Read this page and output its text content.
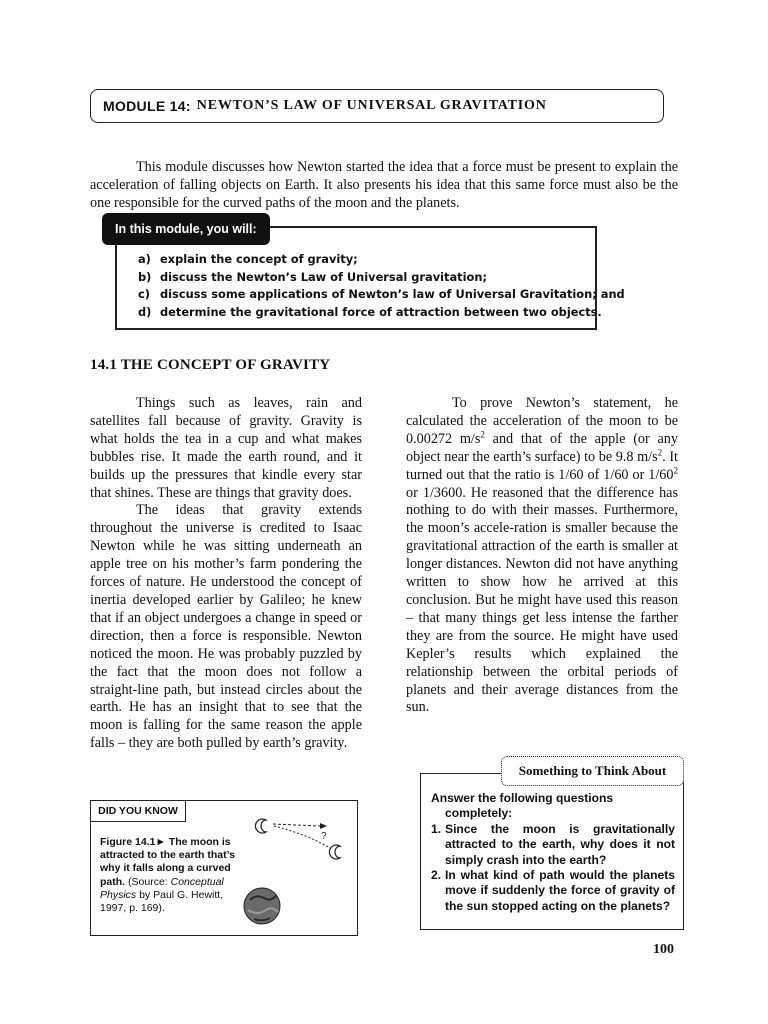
MODULE 14: NEWTON’S LAW OF UNIVERSAL GRAVITATION

This module discusses how Newton started the idea that a force must be present to explain the acceleration of falling objects on Earth. It also presents his idea that this same force must also be the one responsible for the curved paths of the moon and the planets.

In this module, you will:
a) explain the concept of gravity;
b) discuss the Newton’s Law of Universal gravitation;
c) discuss some applications of Newton’s law of Universal Gravitation; and
d) determine the gravitational force of attraction between two objects.
14.1 THE CONCEPT OF GRAVITY

Things such as leaves, rain and satellites fall because of gravity. Gravity is what holds the tea in a cup and what makes bubbles rise. It made the earth round, and it builds up the pressures that kindle every star that shines. These are things that gravity does.

The ideas that gravity extends throughout the universe is credited to Isaac Newton while he was sitting underneath an apple tree on his mother’s farm pondering the forces of nature. He understood the concept of inertia developed earlier by Galileo; he knew that if an object undergoes a change in speed or direction, then a force is responsible. Newton noticed the moon. He was probably puzzled by the fact that the moon does not follow a straight-line path, but instead circles about the earth. He has an insight that to see that the moon is falling for the same reason the apple falls – they are both pulled by earth’s gravity.

To prove Newton’s statement, he calculated the acceleration of the moon to be 0.00272 $m/s^2$ and that of the apple (or any object near the earth’s surface) to be 9.8 $m/s^2$. It turned out that the ratio is 1/60 of 1/60 or $1/60^2$ or 1/3600. He reasoned that the difference has nothing to do with their masses. Furthermore, the moon’s accele-ration is smaller because the gravitational attraction of the earth is smaller at longer distances. Newton did not have anything written to show how he arrived at this conclusion. But he might have used this reason – that many things get less intense the farther they are from the source. He might have used Kepler’s results which explained the relationship between the orbital periods of planets and their average distances from the sun.

DID YOU KNOW
Figure 14.1► The moon is attracted to the earth that’s why it falls along a curved path. (Source: Conceptual Physics by Paul G. Hewitt, 1997, p. 169).
?
Something to Think About
Answer the following questions
completely:
1. Since the moon is gravitationally attracted to the earth, why does it not simply crash into the earth?
2. In what kind of path would the planets move if suddenly the force of gravity of the sun stopped acting on the planets?
100
